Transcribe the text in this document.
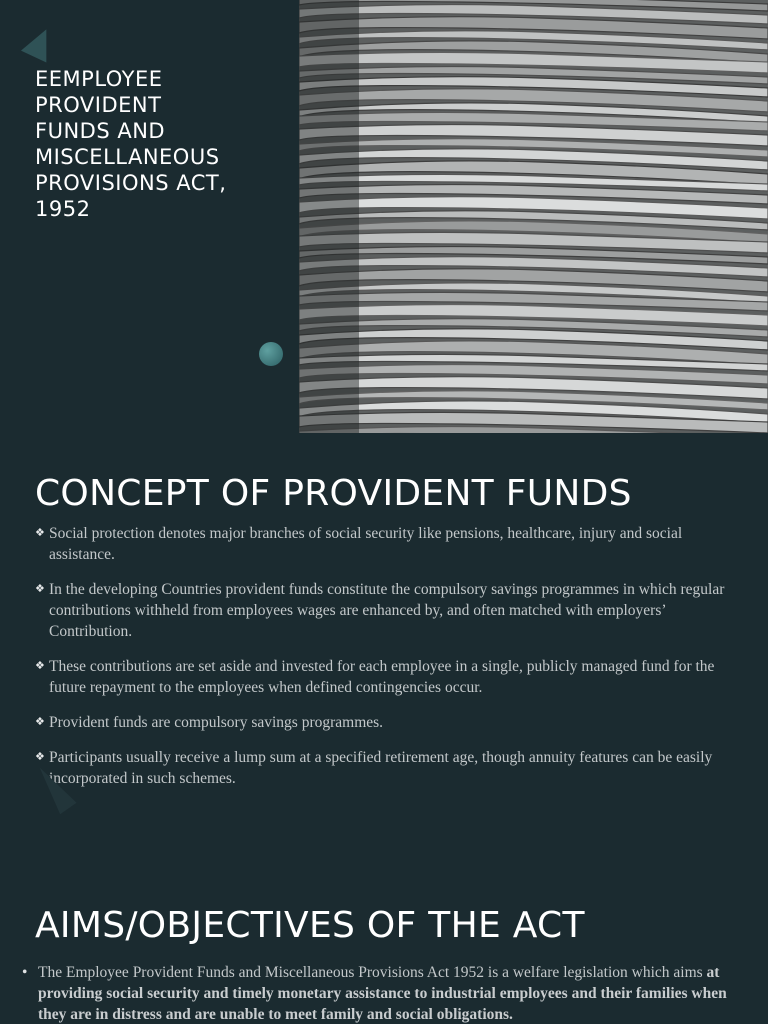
EEMPLOYEE
PROVIDENT
FUNDS AND
MISCELLANEOUS
PROVISIONS ACT,
1952
CONCEPT OF PROVIDENT FUNDS
❖ Social protection denotes major branches of social security like pensions, healthcare, injury and social assistance.
❖ In the developing Countries provident funds constitute the compulsory savings programmes in which regular contributions withheld from employees wages are enhanced by, and often matched with employers’ Contribution.
❖ These contributions are set aside and invested for each employee in a single, publicly managed fund for the future repayment to the employees when defined contingencies occur.
❖ Provident funds are compulsory savings programmes.
❖ Participants usually receive a lump sum at a specified retirement age, though annuity features can be easily incorporated in such schemes.
AIMS/OBJECTIVES OF THE ACT
• The Employee Provident Funds and Miscellaneous Provisions Act 1952 is a welfare legislation which aims at providing social security and timely monetary assistance to industrial employees and their families when they are in distress and are unable to meet family and social obligations.
